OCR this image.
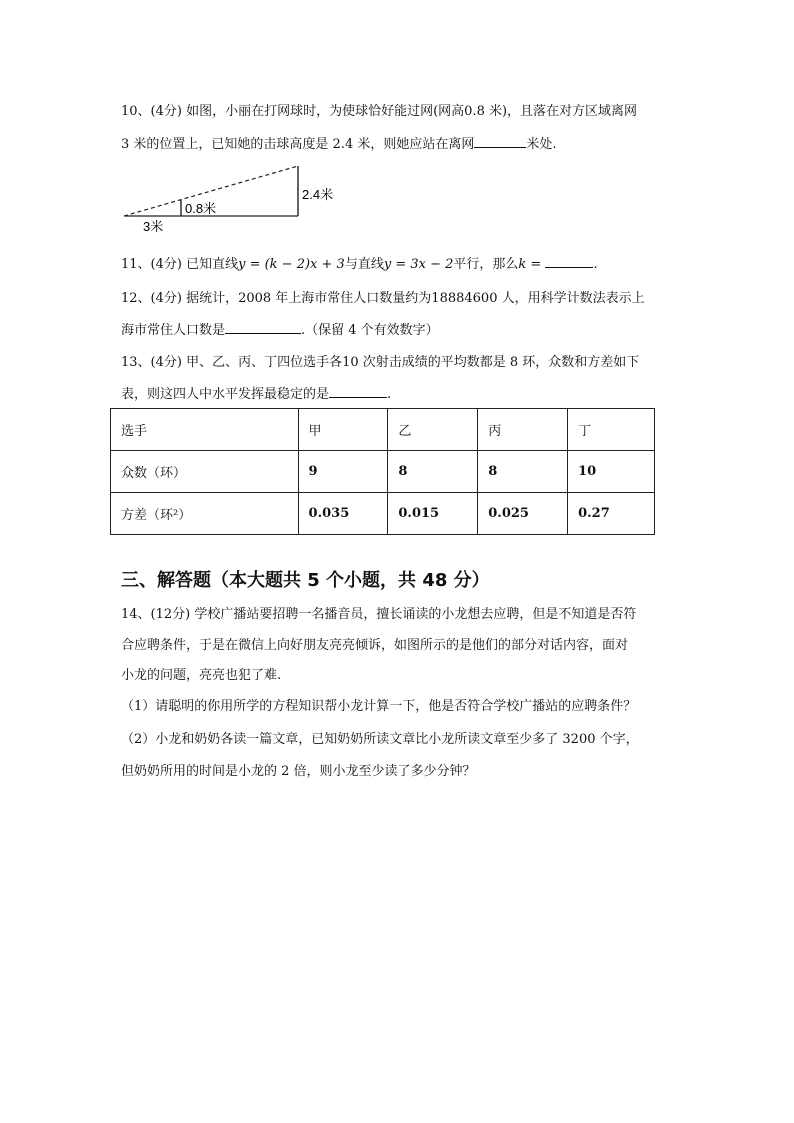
10、(4分) 如图，小丽在打网球时，为使球恰好能过网(网高0.8 米)，且落在对方区域离网
3 米的位置上，已知她的击球高度是 2.4 米，则她应站在离网	米处.
2.4米
0.8米
3米
11、(4分) 已知直线y = (k − 2)x + 3与直线y = 3x − 2平行，那么k =	.
12、(4分) 据统计，2008 年上海市常住人口数量约为18884600 人，用科学计数法表示上
海市常住人口数是	.（保留 4 个有效数字）
13、(4分) 甲、乙、丙、丁四位选手各10 次射击成绩的平均数都是 8 环，众数和方差如下
表，则这四人中水平发挥最稳定的是	.
选手	甲	乙	丙	丁
众数（环）	9	8	8	10
方差（环²）	0.035	0.015	0.025	0.27
三、解答题（本大题共 5 个小题，共 48 分）
14、(12分) 学校广播站要招聘一名播音员，擅长诵读的小龙想去应聘，但是不知道是否符
合应聘条件，于是在微信上向好朋友亮亮倾诉，如图所示的是他们的部分对话内容，面对
小龙的问题，亮亮也犯了难.
（1）请聪明的你用所学的方程知识帮小龙计算一下，他是否符合学校广播站的应聘条件？
（2）小龙和奶奶各读一篇文章，已知奶奶所读文章比小龙所读文章至少多了 3200 个字，
但奶奶所用的时间是小龙的 2 倍，则小龙至少读了多少分钟？
